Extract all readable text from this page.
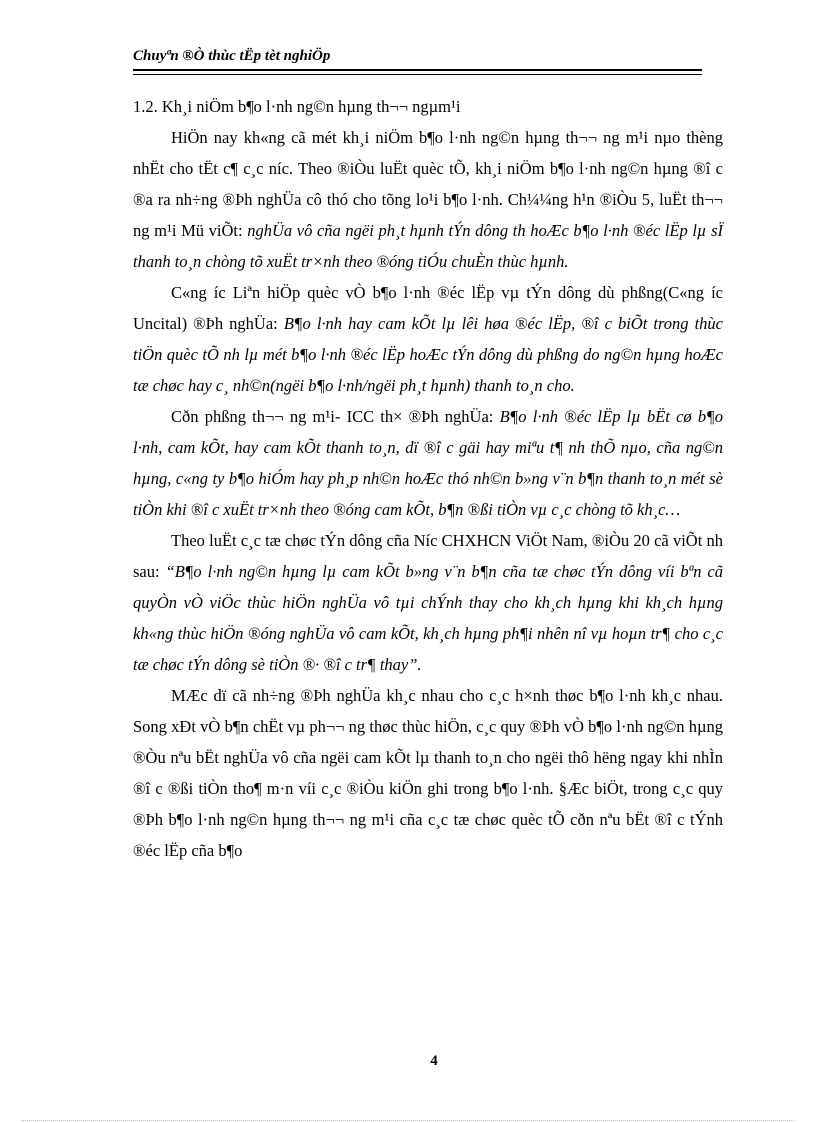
Chuyªn ®Ò thùc tËp tèt nghiÖp

1.2. Kh¸i niÖm b¶o l·nh ng©n hµng th¬¬ ngµm¹i

HiÖn nay kh«ng cã mét kh¸i niÖm b¶o l·nh ng©n hµng th¬¬ ng m¹i nµo thèng nhËt cho tËt c¶ c¸c níc. Theo ®iÒu luËt quèc tÕ, kh¸i niÖm b¶o l·nh ng©n hµng ®î c ®a ra nh÷ng ®Þh nghÜa cô thó cho tõng lo¹i b¶o l·nh. Ch¼¼ng h¹n ®iÒu 5, luËt th¬¬ ng m¹i Mü viÕt: nghÜa vô cña ngëi ph¸t hµnh tÝn dông th hoÆc b¶o l·nh ®éc lËp lµ sÏ thanh to¸n chòng tõ xuËt tr×nh theo ®óng tiÓu chuÈn thùc hµnh.

C«ng íc Liªn hiÖp quèc vÒ b¶o l·nh ®éc lËp vµ tÝn dông dù phßng(C«ng íc Uncital) ®Þh nghÜa: B¶o l·nh hay cam kÕt lµ lêi høa ®éc lËp, ®î c biÕt trong thùc tiÖn quèc tÕ nh lµ mét b¶o l·nh ®éc lËp hoÆc tÝn dông dù phßng do ng©n hµng hoÆc tæ chøc hay c¸ nh©n(ngëi b¶o l·nh/ngëi ph¸t hµnh) thanh to¸n cho.

Cðn phßng th¬¬ ng m¹i- ICC th× ®Þh nghÜa: B¶o l·nh ®éc lËp lµ bËt cø b¶o l·nh, cam kÕt, hay cam kÕt thanh to¸n, dï ®î c gäi hay miªu t¶ nh thÕ nµo, cña ng©n hµng, c«ng ty b¶o hiÓm hay ph¸p nh©n hoÆc thó nh©n b»ng v¨n b¶n thanh to¸n mét sè tiÒn khi ®î c xuËt tr×nh theo ®óng cam kÕt, b¶n ®ßi tiÒn vµ c¸c chòng tõ kh¸c…

Theo luËt c¸c tæ chøc tÝn dông cña Níc CHXHCN ViÖt Nam, ®iÒu 20 cã viÕt nh sau: “B¶o l·nh ng©n hµng lµ cam kÕt b»ng v¨n b¶n cña tæ chøc tÝn dông víi bªn cã quyÒn vÒ viÖc thùc hiÖn nghÜa vô tµi chÝnh thay cho kh¸ch hµng khi kh¸ch hµng kh«ng thùc hiÖn ®óng nghÜa vô cam kÕt, kh¸ch hµng ph¶i nhên nî vµ hoµn tr¶ cho c¸c tæ chøc tÝn dông sè tiÒn ®· ®î c tr¶ thay”.

MÆc dï cã nh÷ng ®Þh nghÜa kh¸c nhau cho c¸c h×nh thøc b¶o l·nh kh¸c nhau. Song xÐt vÒ b¶n chËt vµ ph¬¬ ng thøc thùc hiÖn, c¸c quy ®Þh vÒ b¶o l·nh ng©n hµng ®Òu nªu bËt nghÜa vô cña ngëi cam kÕt lµ thanh to¸n cho ngëi thô hëng ngay khi nhÌn ®î c ®ßi tiÒn tho¶ m·n víi c¸c ®iÒu kiÖn ghi trong b¶o l·nh. §Æc biÖt, trong c¸c quy ®Þh b¶o l·nh ng©n hµng th¬¬ ng m¹i cña c¸c tæ chøc quèc tÕ cðn nªu bËt ®î c tÝnh ®éc lËp cña b¶o

4
